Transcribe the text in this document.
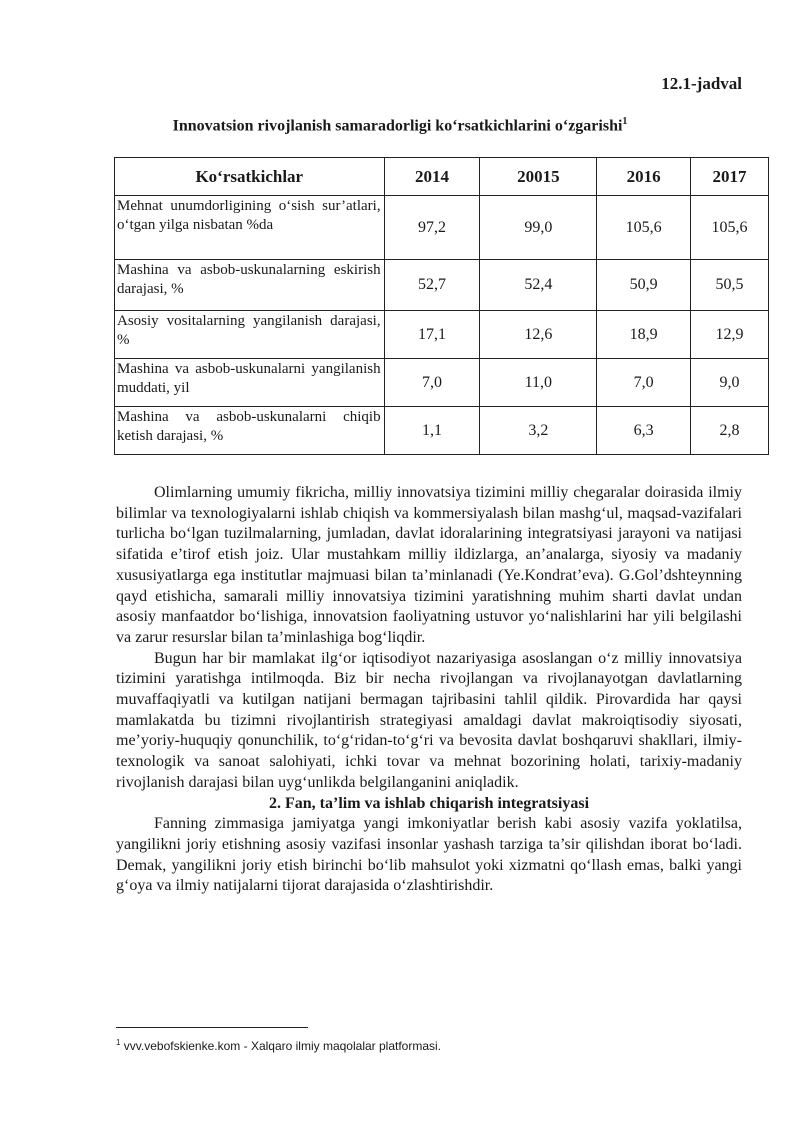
12.1-jadval
Innovatsion rivojlanish samaradorligi ko‘rsatkichlarini o‘zgarishi$^1$
Ko‘rsatkichlar	2014	20015	2016	2017
Mehnat unumdorligining o‘sish sur’atlari, o‘tgan yilga nisbatan %da	97,2	99,0	105,6	105,6
Mashina va asbob-uskunalarning eskirish darajasi, %	52,7	52,4	50,9	50,5
Asosiy vositalarning yangilanish darajasi, %	17,1	12,6	18,9	12,9
Mashina va asbob-uskunalarni yangilanish muddati, yil	7,0	11,0	7,0	9,0
Mashina va asbob-uskunalarni chiqib ketish darajasi, %	1,1	3,2	6,3	2,8

Olimlarning umumiy fikricha, milliy innovatsiya tizimini milliy chegaralar doirasida ilmiy bilimlar va texnologiyalarni ishlab chiqish va kommersiyalash bilan mashg‘ul, maqsad-vazifalari turlicha bo‘lgan tuzilmalarning, jumladan, davlat idoralarining integratsiyasi jarayoni va natijasi sifatida e’tirof etish joiz. Ular mustahkam milliy ildizlarga, an’analarga, siyosiy va madaniy xususiyatlarga ega institutlar majmuasi bilan ta’minlanadi (Ye.Kondrat’eva). G.Gol’dshteynning qayd etishicha, samarali milliy innovatsiya tizimini yaratishning muhim sharti davlat undan asosiy manfaatdor bo‘lishiga, innovatsion faoliyatning ustuvor yo‘nalishlarini har yili belgilashi va zarur resurslar bilan ta’minlashiga bog‘liqdir.

Bugun har bir mamlakat ilg‘or iqtisodiyot nazariyasiga asoslangan o‘z milliy innovatsiya tizimini yaratishga intilmoqda. Biz bir necha rivojlangan va rivojlanayotgan davlatlarning muvaffaqiyatli va kutilgan natijani bermagan tajribasini tahlil qildik. Pirovardida har qaysi mamlakatda bu tizimni rivojlantirish strategiyasi amaldagi davlat makroiqtisodiy siyosati, me’yoriy-huquqiy qonunchilik, to‘g‘ridan-to‘g‘ri va bevosita davlat boshqaruvi shakllari, ilmiy-texnologik va sanoat salohiyati, ichki tovar va mehnat bozorining holati, tarixiy-madaniy rivojlanish darajasi bilan uyg‘unlikda belgilanganini aniqladik.

2. Fan, ta’lim va ishlab chiqarish integratsiyasi

Fanning zimmasiga jamiyatga yangi imkoniyatlar berish kabi asosiy vazifa yoklatilsa, yangilikni joriy etishning asosiy vazifasi insonlar yashash tarziga ta’sir qilishdan iborat bo‘ladi. Demak, yangilikni joriy etish birinchi bo‘lib mahsulot yoki xizmatni qo‘llash emas, balki yangi g‘oya va ilmiy natijalarni tijorat darajasida o‘zlashtirishdir.

$^1$ vvv.vebofskienke.kom - Xalqaro ilmiy maqolalar platformasi.
